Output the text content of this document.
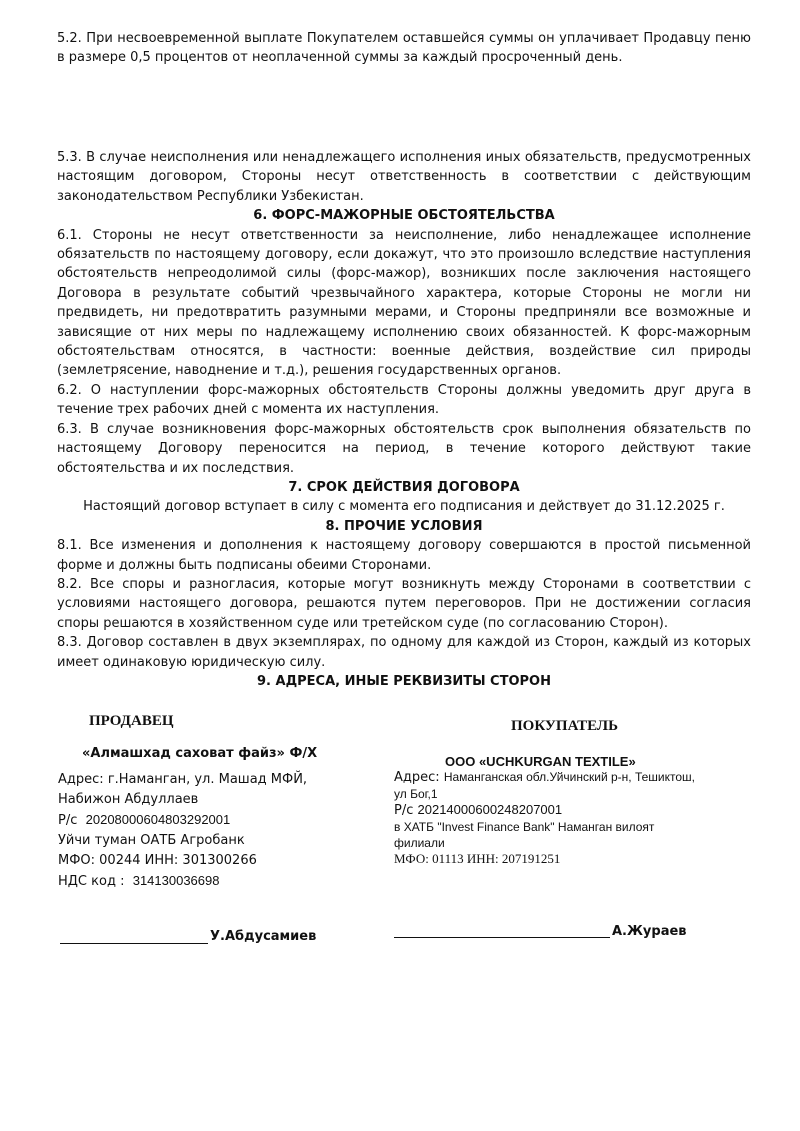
5.2. При несвоевременной выплате Покупателем оставшейся суммы он уплачивает Продавцу пеню в размере 0,5 процентов от неоплаченной суммы за каждый просроченный день.

5.3. В случае неисполнения или ненадлежащего исполнения иных обязательств, предусмотренных настоящим договором, Стороны несут ответственность в соответствии с действующим законодательством Республики Узбекистан.

6. ФОРС-МАЖОРНЫЕ ОБСТОЯТЕЛЬСТВА

6.1. Стороны не несут ответственности за неисполнение, либо ненадлежащее исполнение обязательств по настоящему договору, если докажут, что это произошло вследствие наступления обстоятельств непреодолимой силы (форс-мажор), возникших после заключения настоящего Договора в результате событий чрезвычайного характера, которые Стороны не могли ни предвидеть, ни предотвратить разумными мерами, и Стороны предприняли все возможные и зависящие от них меры по надлежащему исполнению своих обязанностей. К форс-мажорным обстоятельствам относятся, в частности: военные действия, воздействие сил природы (землетрясение, наводнение и т.д.), решения государственных органов.

6.2. О наступлении форс-мажорных обстоятельств Стороны должны уведомить друг друга в течение трех рабочих дней с момента их наступления.

6.3. В случае возникновения форс-мажорных обстоятельств срок выполнения обязательств по настоящему Договору переносится на период, в течение которого действуют такие обстоятельства и их последствия.

7. СРОК ДЕЙСТВИЯ ДОГОВОРА

Настоящий договор вступает в силу с момента его подписания и действует до 31.12.2025 г.

8. ПРОЧИЕ УСЛОВИЯ

8.1. Все изменения и дополнения к настоящему договору совершаются в простой письменной форме и должны быть подписаны обеими Сторонами.

8.2. Все споры и разногласия, которые могут возникнуть между Сторонами в соответствии с условиями настоящего договора, решаются путем переговоров. При не достижении согласия споры решаются в хозяйственном суде или третейском суде (по согласованию Сторон).

8.3. Договор составлен в двух экземплярах, по одному для каждой из Сторон, каждый из которых имеет одинаковую юридическую силу.

9. АДРЕСА, ИНЫЕ РЕКВИЗИТЫ СТОРОН

ПРОДАВЕЦ
«Алмашхад саховат файз» Ф/Х
Адрес: г.Наманган, ул. Машад МФЙ,
Набижон Абдуллаев
Р/с 20208000604803292001
Уйчи туман ОАТБ Агробанк
МФО: 00244 ИНН: 301300266
НДС код : 314130036698
ПОКУПАТЕЛЬ
ООО «UCHKURGAN TEXTILE»
Адрес: Наманганская обл.Уйчинский р-н, Тешиктош,
ул Бог,1
Р/с 20214000600248207001
в ХАТБ "Invest Finance Bank" Наманган вилоят
филиали
МФО: 01113 ИНН: 207191251
У.Абдусамиев	А.Жураев
